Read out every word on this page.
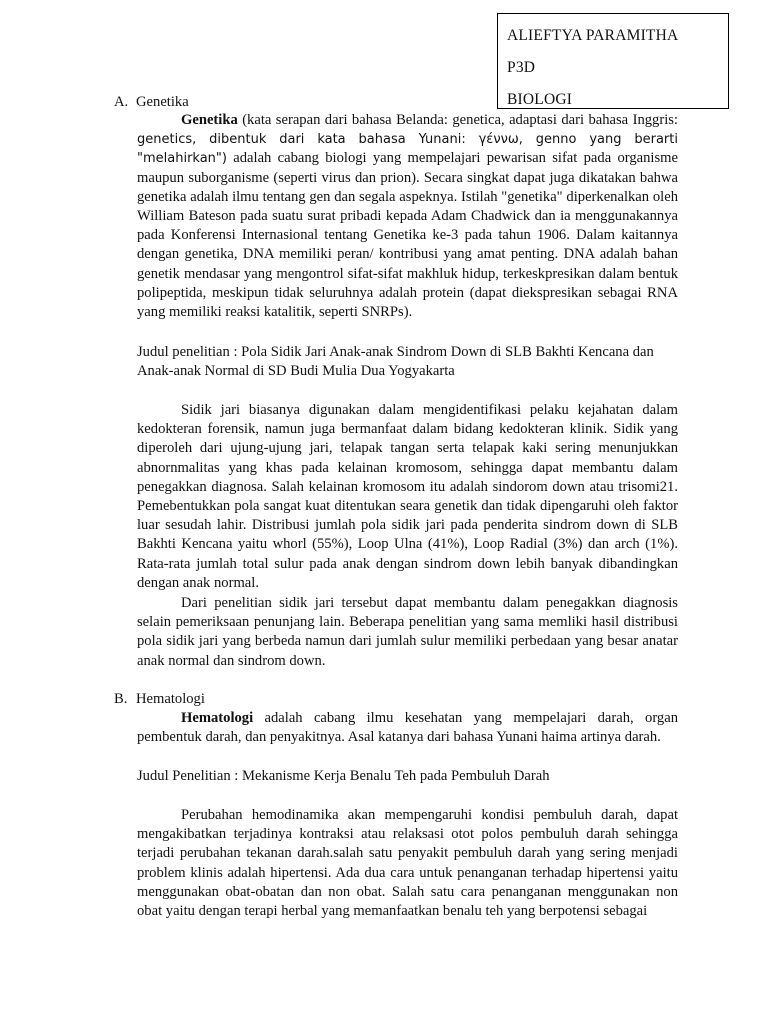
ALIEFTYA PARAMITHA
P3D
BIOLOGI
A. Genetika

Genetika (kata serapan dari bahasa Belanda: genetica, adaptasi dari bahasa Inggris: genetics, dibentuk dari kata bahasa Yunani: γέννω, genno yang berarti "melahirkan") adalah cabang biologi yang mempelajari pewarisan sifat pada organisme maupun suborganisme (seperti virus dan prion). Secara singkat dapat juga dikatakan bahwa genetika adalah ilmu tentang gen dan segala aspeknya. Istilah "genetika" diperkenalkan oleh William Bateson pada suatu surat pribadi kepada Adam Chadwick dan ia menggunakannya pada Konferensi Internasional tentang Genetika ke-3 pada tahun 1906. Dalam kaitannya dengan genetika, DNA memiliki peran/ kontribusi yang amat penting. DNA adalah bahan genetik mendasar yang mengontrol sifat-sifat makhluk hidup, terkeskpresikan dalam bentuk polipeptida, meskipun tidak seluruhnya adalah protein (dapat diekspresikan sebagai RNA yang memiliki reaksi katalitik, seperti SNRPs).

Judul penelitian : Pola Sidik Jari Anak-anak Sindrom Down di SLB Bakhti Kencana dan Anak-anak Normal di SD Budi Mulia Dua Yogyakarta

Sidik jari biasanya digunakan dalam mengidentifikasi pelaku kejahatan dalam kedokteran forensik, namun juga bermanfaat dalam bidang kedokteran klinik. Sidik yang diperoleh dari ujung-ujung jari, telapak tangan serta telapak kaki sering menunjukkan abnornmalitas yang khas pada kelainan kromosom, sehingga dapat membantu dalam penegakkan diagnosa. Salah kelainan kromosom itu adalah sindorom down atau trisomi21. Pemebentukkan pola sangat kuat ditentukan seara genetik dan tidak dipengaruhi oleh faktor luar sesudah lahir. Distribusi jumlah pola sidik jari pada penderita sindrom down di SLB Bakhti Kencana yaitu whorl (55%), Loop Ulna (41%), Loop Radial (3%) dan arch (1%). Rata-rata jumlah total sulur pada anak dengan sindrom down lebih banyak dibandingkan dengan anak normal.

Dari penelitian sidik jari tersebut dapat membantu dalam penegakkan diagnosis selain pemeriksaan penunjang lain. Beberapa penelitian yang sama memliki hasil distribusi pola sidik jari yang berbeda namun dari jumlah sulur memiliki perbedaan yang besar anatar anak normal dan sindrom down.

B. Hematologi

Hematologi adalah cabang ilmu kesehatan yang mempelajari darah, organ pembentuk darah, dan penyakitnya. Asal katanya dari bahasa Yunani haima artinya darah.

Judul Penelitian : Mekanisme Kerja Benalu Teh pada Pembuluh Darah

Perubahan hemodinamika akan mempengaruhi kondisi pembuluh darah, dapat mengakibatkan terjadinya kontraksi atau relaksasi otot polos pembuluh darah sehingga terjadi perubahan tekanan darah.salah satu penyakit pembuluh darah yang sering menjadi problem klinis adalah hipertensi. Ada dua cara untuk penanganan terhadap hipertensi yaitu menggunakan obat-obatan dan non obat. Salah satu cara penanganan menggunakan non obat yaitu dengan terapi herbal yang memanfaatkan benalu teh yang berpotensi sebagai
